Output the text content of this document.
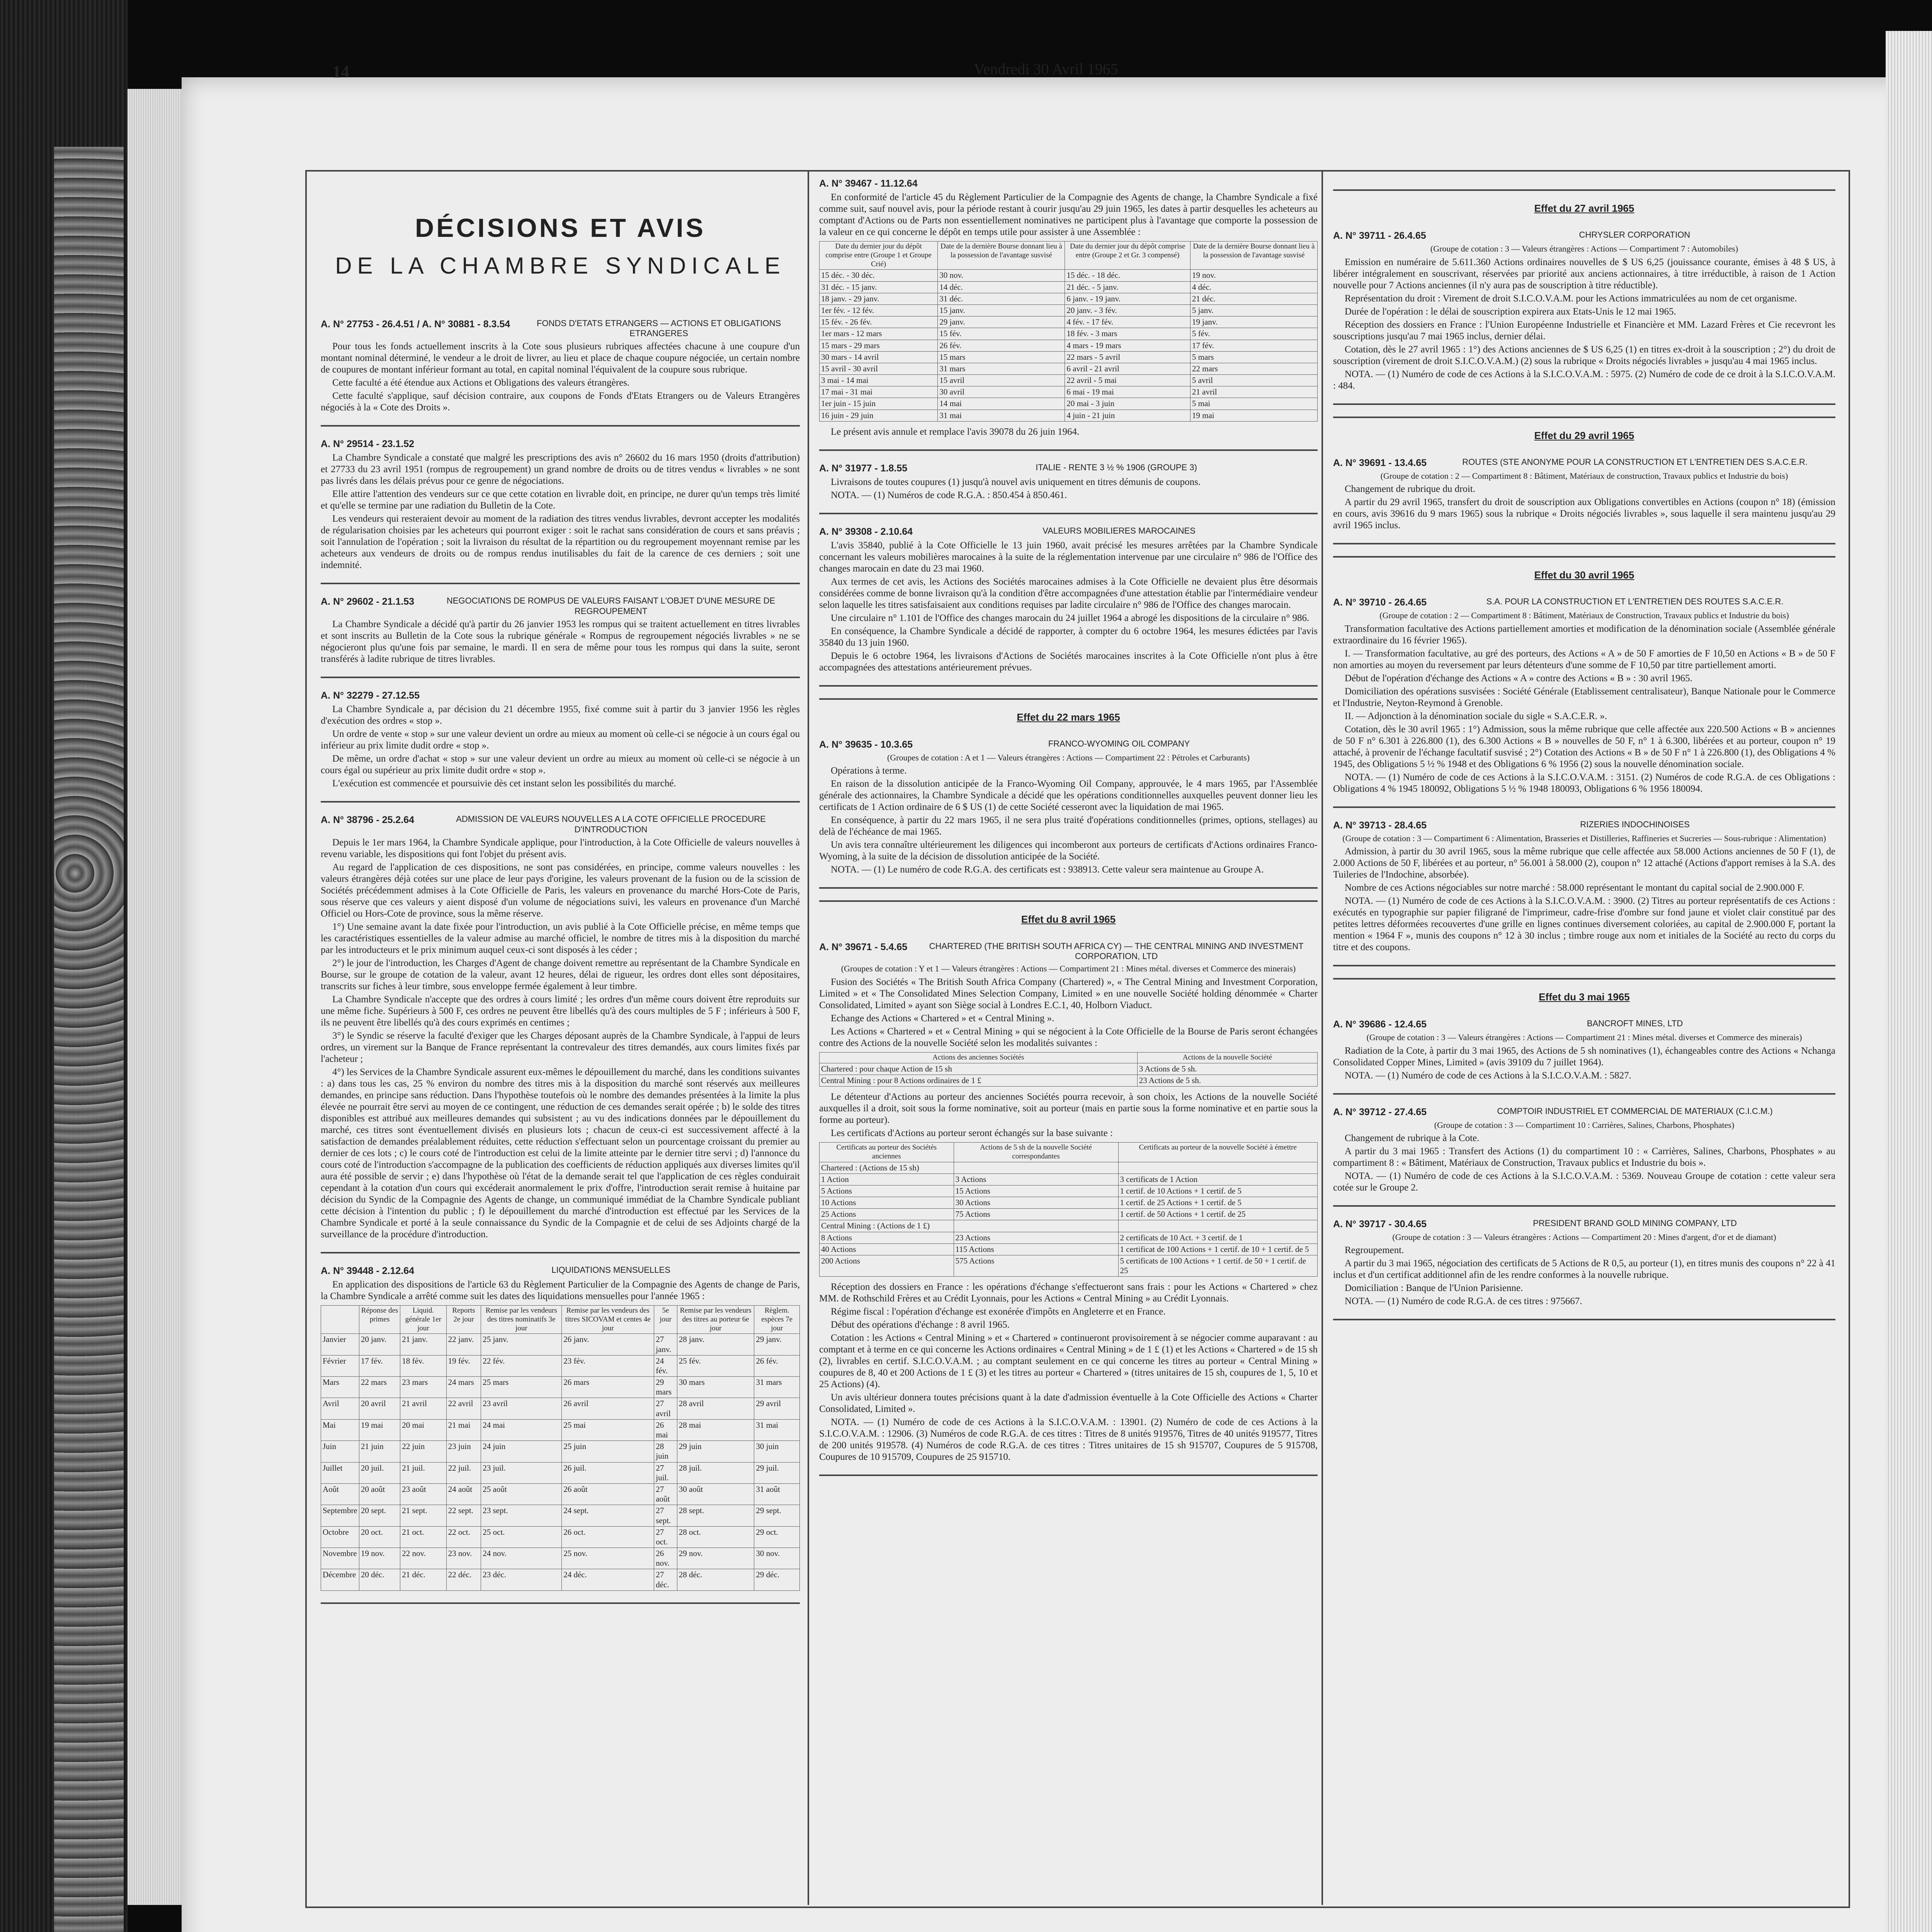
14	Vendredi 30 Avril 1965
DÉCISIONS ET AVIS
DE LA CHAMBRE SYNDICALE
A. N° 27753 - 26.4.51 / A. N° 30881 - 8.3.54	FONDS D'ETATS ETRANGERS — ACTIONS ET OBLIGATIONS ETRANGERES

Pour tous les fonds actuellement inscrits à la Cote sous plusieurs rubriques affectées chacune à une coupure d'un montant nominal déterminé, le vendeur a le droit de livrer, au lieu et place de chaque coupure négociée, un certain nombre de coupures de montant inférieur formant au total, en capital nominal l'équivalent de la coupure sous rubrique.

Cette faculté a été étendue aux Actions et Obligations des valeurs étrangères.

Cette faculté s'applique, sauf décision contraire, aux coupons de Fonds d'Etats Etrangers ou de Valeurs Etrangères négociés à la « Cote des Droits ».

A. N° 29514 - 23.1.52

La Chambre Syndicale a constaté que malgré les prescriptions des avis n° 26602 du 16 mars 1950 (droits d'attribution) et 27733 du 23 avril 1951 (rompus de regroupement) un grand nombre de droits ou de titres vendus « livrables » ne sont pas livrés dans les délais prévus pour ce genre de négociations.

Elle attire l'attention des vendeurs sur ce que cette cotation en livrable doit, en principe, ne durer qu'un temps très limité et qu'elle se termine par une radiation du Bulletin de la Cote.

Les vendeurs qui resteraient devoir au moment de la radiation des titres vendus livrables, devront accepter les modalités de régularisation choisies par les acheteurs qui pourront exiger : soit le rachat sans considération de cours et sans préavis ; soit l'annulation de l'opération ; soit la livraison du résultat de la répartition ou du regroupement moyennant remise par les acheteurs aux vendeurs de droits ou de rompus rendus inutilisables du fait de la carence de ces derniers ; soit une indemnité.

A. N° 29602 - 21.1.53	NEGOCIATIONS DE ROMPUS DE VALEURS FAISANT L'OBJET D'UNE MESURE DE REGROUPEMENT

La Chambre Syndicale a décidé qu'à partir du 26 janvier 1953 les rompus qui se traitent actuellement en titres livrables et sont inscrits au Bulletin de la Cote sous la rubrique générale « Rompus de regroupement négociés livrables » ne se négocieront plus qu'une fois par semaine, le mardi. Il en sera de même pour tous les rompus qui dans la suite, seront transférés à ladite rubrique de titres livrables.

A. N° 32279 - 27.12.55

La Chambre Syndicale a, par décision du 21 décembre 1955, fixé comme suit à partir du 3 janvier 1956 les règles d'exécution des ordres « stop ».

Un ordre de vente « stop » sur une valeur devient un ordre au mieux au moment où celle-ci se négocie à un cours égal ou inférieur au prix limite dudit ordre « stop ».

De même, un ordre d'achat « stop » sur une valeur devient un ordre au mieux au moment où celle-ci se négocie à un cours égal ou supérieur au prix limite dudit ordre « stop ».

L'exécution est commencée et poursuivie dès cet instant selon les possibilités du marché.

A. N° 38796 - 25.2.64	ADMISSION DE VALEURS NOUVELLES A LA COTE OFFICIELLE PROCEDURE D'INTRODUCTION

Depuis le 1er mars 1964, la Chambre Syndicale applique, pour l'introduction, à la Cote Officielle de valeurs nouvelles à revenu variable, les dispositions qui font l'objet du présent avis.

Au regard de l'application de ces dispositions, ne sont pas considérées, en principe, comme valeurs nouvelles : les valeurs étrangères déjà cotées sur une place de leur pays d'origine, les valeurs provenant de la fusion ou de la scission de Sociétés précédemment admises à la Cote Officielle de Paris, les valeurs en provenance du marché Hors-Cote de Paris, sous réserve que ces valeurs y aient disposé d'un volume de négociations suivi, les valeurs en provenance d'un Marché Officiel ou Hors-Cote de province, sous la même réserve.

1°) Une semaine avant la date fixée pour l'introduction, un avis publié à la Cote Officielle précise, en même temps que les caractéristiques essentielles de la valeur admise au marché officiel, le nombre de titres mis à la disposition du marché par les introducteurs et le prix minimum auquel ceux-ci sont disposés à les céder ;

2°) le jour de l'introduction, les Charges d'Agent de change doivent remettre au représentant de la Chambre Syndicale en Bourse, sur le groupe de cotation de la valeur, avant 12 heures, délai de rigueur, les ordres dont elles sont dépositaires, transcrits sur fiches à leur timbre, sous enveloppe fermée également à leur timbre.

La Chambre Syndicale n'accepte que des ordres à cours limité ; les ordres d'un même cours doivent être reproduits sur une même fiche. Supérieurs à 500 F, ces ordres ne peuvent être libellés qu'à des cours multiples de 5 F ; inférieurs à 500 F, ils ne peuvent être libellés qu'à des cours exprimés en centimes ;

3°) le Syndic se réserve la faculté d'exiger que les Charges déposant auprès de la Chambre Syndicale, à l'appui de leurs ordres, un virement sur la Banque de France représentant la contrevaleur des titres demandés, aux cours limites fixés par l'acheteur ;

4°) les Services de la Chambre Syndicale assurent eux-mêmes le dépouillement du marché, dans les conditions suivantes : a) dans tous les cas, 25 % environ du nombre des titres mis à la disposition du marché sont réservés aux meilleures demandes, en principe sans réduction. Dans l'hypothèse toutefois où le nombre des demandes présentées à la limite la plus élevée ne pourrait être servi au moyen de ce contingent, une réduction de ces demandes serait opérée ; b) le solde des titres disponibles est attribué aux meilleures demandes qui subsistent ; au vu des indications données par le dépouillement du marché, ces titres sont éventuellement divisés en plusieurs lots ; chacun de ceux-ci est successivement affecté à la satisfaction de demandes préalablement réduites, cette réduction s'effectuant selon un pourcentage croissant du premier au dernier de ces lots ; c) le cours coté de l'introduction est celui de la limite atteinte par le dernier titre servi ; d) l'annonce du cours coté de l'introduction s'accompagne de la publication des coefficients de réduction appliqués aux diverses limites qu'il aura été possible de servir ; e) dans l'hypothèse où l'état de la demande serait tel que l'application de ces règles conduirait cependant à la cotation d'un cours qui excéderait anormalement le prix d'offre, l'introduction serait remise à huitaine par décision du Syndic de la Compagnie des Agents de change, un communiqué immédiat de la Chambre Syndicale publiant cette décision à l'intention du public ; f) le dépouillement du marché d'introduction est effectué par les Services de la Chambre Syndicale et porté à la seule connaissance du Syndic de la Compagnie et de celui de ses Adjoints chargé de la surveillance de la procédure d'introduction.

A. N° 39448 - 2.12.64	LIQUIDATIONS MENSUELLES

En application des dispositions de l'article 63 du Règlement Particulier de la Compagnie des Agents de change de Paris, la Chambre Syndicale a arrêté comme suit les dates des liquidations mensuelles pour l'année 1965 :

	Réponse des primes	Liquid. générale 1er jour	Reports 2e jour	Remise par les vendeurs des titres nominatifs 3e jour	Remise par les vendeurs des titres SICOVAM et centes 4e jour	5e jour	Remise par les vendeurs des titres au porteur 6e jour	Règlem. espèces 7e jour
Janvier	20 janv.	21 janv.	22 janv.	25 janv.	26 janv.	27 janv.	28 janv.	29 janv.
Février	17 fév.	18 fév.	19 fév.	22 fév.	23 fév.	24 fév.	25 fév.	26 fév.
Mars	22 mars	23 mars	24 mars	25 mars	26 mars	29 mars	30 mars	31 mars
Avril	20 avril	21 avril	22 avril	23 avril	26 avril	27 avril	28 avril	29 avril
Mai	19 mai	20 mai	21 mai	24 mai	25 mai	26 mai	28 mai	31 mai
Juin	21 juin	22 juin	23 juin	24 juin	25 juin	28 juin	29 juin	30 juin
Juillet	20 juil.	21 juil.	22 juil.	23 juil.	26 juil.	27 juil.	28 juil.	29 juil.
Août	20 août	23 août	24 août	25 août	26 août	27 août	30 août	31 août
Septembre	20 sept.	21 sept.	22 sept.	23 sept.	24 sept.	27 sept.	28 sept.	29 sept.
Octobre	20 oct.	21 oct.	22 oct.	25 oct.	26 oct.	27 oct.	28 oct.	29 oct.
Novembre	19 nov.	22 nov.	23 nov.	24 nov.	25 nov.	26 nov.	29 nov.	30 nov.
Décembre	20 déc.	21 déc.	22 déc.	23 déc.	24 déc.	27 déc.	28 déc.	29 déc.
A. N° 39467 - 11.12.64

En conformité de l'article 45 du Règlement Particulier de la Compagnie des Agents de change, la Chambre Syndicale a fixé comme suit, sauf nouvel avis, pour la période restant à courir jusqu'au 29 juin 1965, les dates à partir desquelles les acheteurs au comptant d'Actions ou de Parts non essentiellement nominatives ne participent plus à l'avantage que comporte la possession de la valeur en ce qui concerne le dépôt en temps utile pour assister à une Assemblée :

Date du dernier jour du dépôt comprise entre (Groupe 1 et Groupe Crié)	Date de la dernière Bourse donnant lieu à la possession de l'avantage susvisé	Date du dernier jour du dépôt comprise entre (Groupe 2 et Gr. 3 compensé)	Date de la dernière Bourse donnant lieu à la possession de l'avantage susvisé
15 déc. - 30 déc.	30 nov.	15 déc. - 18 déc.	19 nov.
31 déc. - 15 janv.	14 déc.	21 déc. - 5 janv.	4 déc.
18 janv. - 29 janv.	31 déc.	6 janv. - 19 janv.	21 déc.
1er fév. - 12 fév.	15 janv.	20 janv. - 3 fév.	5 janv.
15 fév. - 26 fév.	29 janv.	4 fév. - 17 fév.	19 janv.
1er mars - 12 mars	15 fév.	18 fév. - 3 mars	5 fév.
15 mars - 29 mars	26 fév.	4 mars - 19 mars	17 fév.
30 mars - 14 avril	15 mars	22 mars - 5 avril	5 mars
15 avril - 30 avril	31 mars	6 avril - 21 avril	22 mars
3 mai - 14 mai	15 avril	22 avril - 5 mai	5 avril
17 mai - 31 mai	30 avril	6 mai - 19 mai	21 avril
1er juin - 15 juin	14 mai	20 mai - 3 juin	5 mai
16 juin - 29 juin	31 mai	4 juin - 21 juin	19 mai

Le présent avis annule et remplace l'avis 39078 du 26 juin 1964.

A. N° 31977 - 1.8.55	ITALIE - RENTE 3 ½ % 1906 (GROUPE 3)

Livraisons de toutes coupures (1) jusqu'à nouvel avis uniquement en titres démunis de coupons.

NOTA. — (1) Numéros de code R.G.A. : 850.454 à 850.461.

A. N° 39308 - 2.10.64	VALEURS MOBILIERES MAROCAINES

L'avis 35840, publié à la Cote Officielle le 13 juin 1960, avait précisé les mesures arrêtées par la Chambre Syndicale concernant les valeurs mobilières marocaines à la suite de la réglementation intervenue par une circulaire n° 986 de l'Office des changes marocain en date du 23 mai 1960.

Aux termes de cet avis, les Actions des Sociétés marocaines admises à la Cote Officielle ne devaient plus être désormais considérées comme de bonne livraison qu'à la condition d'être accompagnées d'une attestation établie par l'intermédiaire vendeur selon laquelle les titres satisfaisaient aux conditions requises par ladite circulaire n° 986 de l'Office des changes marocain.

Une circulaire n° 1.101 de l'Office des changes marocain du 24 juillet 1964 a abrogé les dispositions de la circulaire n° 986.

En conséquence, la Chambre Syndicale a décidé de rapporter, à compter du 6 octobre 1964, les mesures édictées par l'avis 35840 du 13 juin 1960.

Depuis le 6 octobre 1964, les livraisons d'Actions de Sociétés marocaines inscrites à la Cote Officielle n'ont plus à être accompagnées des attestations antérieurement prévues.

Effet du 22 mars 1965
A. N° 39635 - 10.3.65	FRANCO-WYOMING OIL COMPANY
(Groupes de cotation : A et 1 — Valeurs étrangères : Actions — Compartiment 22 : Pétroles et Carburants)

Opérations à terme.

En raison de la dissolution anticipée de la Franco-Wyoming Oil Company, approuvée, le 4 mars 1965, par l'Assemblée générale des actionnaires, la Chambre Syndicale a décidé que les opérations conditionnelles auxquelles peuvent donner lieu les certificats de 1 Action ordinaire de 6 $ US (1) de cette Société cesseront avec la liquidation de mai 1965.

En conséquence, à partir du 22 mars 1965, il ne sera plus traité d'opérations conditionnelles (primes, options, stellages) au delà de l'échéance de mai 1965.

Un avis tera connaître ultérieurement les diligences qui incomberont aux porteurs de certificats d'Actions ordinaires Franco-Wyoming, à la suite de la décision de dissolution anticipée de la Société.

NOTA. — (1) Le numéro de code R.G.A. des certificats est : 938913. Cette valeur sera maintenue au Groupe A.

Effet du 8 avril 1965
A. N° 39671 - 5.4.65	CHARTERED (THE BRITISH SOUTH AFRICA CY) — THE CENTRAL MINING AND INVESTMENT CORPORATION, LTD
(Groupes de cotation : Y et 1 — Valeurs étrangères : Actions — Compartiment 21 : Mines métal. diverses et Commerce des minerais)

Fusion des Sociétés « The British South Africa Company (Chartered) », « The Central Mining and Investment Corporation, Limited » et « The Consolidated Mines Selection Company, Limited » en une nouvelle Société holding dénommée « Charter Consolidated, Limited » ayant son Siège social à Londres E.C.1, 40, Holborn Viaduct.

Echange des Actions « Chartered » et « Central Mining ».

Les Actions « Chartered » et « Central Mining » qui se négocient à la Cote Officielle de la Bourse de Paris seront échangées contre des Actions de la nouvelle Société selon les modalités suivantes :

Actions des anciennes Sociétés	Actions de la nouvelle Société
Chartered : pour chaque Action de 15 sh	3 Actions de 5 sh.
Central Mining : pour 8 Actions ordinaires de 1 £	23 Actions de 5 sh.

Le détenteur d'Actions au porteur des anciennes Sociétés pourra recevoir, à son choix, les Actions de la nouvelle Société auxquelles il a droit, soit sous la forme nominative, soit au porteur (mais en partie sous la forme nominative et en partie sous la forme au porteur).

Les certificats d'Actions au porteur seront échangés sur la base suivante :

Certificats au porteur des Sociétés anciennes	Actions de 5 sh de la nouvelle Société correspondantes	Certificats au porteur de la nouvelle Société à émettre
Chartered : (Actions de 15 sh)		
1 Action	3 Actions	3 certificats de 1 Action
5 Actions	15 Actions	1 certif. de 10 Actions + 1 certif. de 5
10 Actions	30 Actions	1 certif. de 25 Actions + 1 certif. de 5
25 Actions	75 Actions	1 certif. de 50 Actions + 1 certif. de 25
Central Mining : (Actions de 1 £)		
8 Actions	23 Actions	2 certificats de 10 Act. + 3 certif. de 1
40 Actions	115 Actions	1 certificat de 100 Actions + 1 certif. de 10 + 1 certif. de 5
200 Actions	575 Actions	5 certificats de 100 Actions + 1 certif. de 50 + 1 certif. de 25

Réception des dossiers en France : les opérations d'échange s'effectueront sans frais : pour les Actions « Chartered » chez MM. de Rothschild Frères et au Crédit Lyonnais, pour les Actions « Central Mining » au Crédit Lyonnais.

Régime fiscal : l'opération d'échange est exonérée d'impôts en Angleterre et en France.

Début des opérations d'échange : 8 avril 1965.

Cotation : les Actions « Central Mining » et « Chartered » continueront provisoirement à se négocier comme auparavant : au comptant et à terme en ce qui concerne les Actions ordinaires « Central Mining » de 1 £ (1) et les Actions « Chartered » de 15 sh (2), livrables en certif. S.I.C.O.V.A.M. ; au comptant seulement en ce qui concerne les titres au porteur « Central Mining » coupures de 8, 40 et 200 Actions de 1 £ (3) et les titres au porteur « Chartered » (titres unitaires de 15 sh, coupures de 1, 5, 10 et 25 Actions) (4).

Un avis ultérieur donnera toutes précisions quant à la date d'admission éventuelle à la Cote Officielle des Actions « Charter Consolidated, Limited ».

NOTA. — (1) Numéro de code de ces Actions à la S.I.C.O.V.A.M. : 13901. (2) Numéro de code de ces Actions à la S.I.C.O.V.A.M. : 12906. (3) Numéros de code R.G.A. de ces titres : Titres de 8 unités 919576, Titres de 40 unités 919577, Titres de 200 unités 919578. (4) Numéros de code R.G.A. de ces titres : Titres unitaires de 15 sh 915707, Coupures de 5 915708, Coupures de 10 915709, Coupures de 25 915710.

Effet du 27 avril 1965
A. N° 39711 - 26.4.65	CHRYSLER CORPORATION
(Groupe de cotation : 3 — Valeurs étrangères : Actions — Compartiment 7 : Automobiles)

Emission en numéraire de 5.611.360 Actions ordinaires nouvelles de $ US 6,25 (jouissance courante, émises à 48 $ US, à libérer intégralement en souscrivant, réservées par priorité aux anciens actionnaires, à titre irréductible, à raison de 1 Action nouvelle pour 7 Actions anciennes (il n'y aura pas de souscription à titre réductible).

Représentation du droit : Virement de droit S.I.C.O.V.A.M. pour les Actions immatriculées au nom de cet organisme.

Durée de l'opération : le délai de souscription expirera aux Etats-Unis le 12 mai 1965.

Réception des dossiers en France : l'Union Européenne Industrielle et Financière et MM. Lazard Frères et Cie recevront les souscriptions jusqu'au 7 mai 1965 inclus, dernier délai.

Cotation, dès le 27 avril 1965 : 1°) des Actions anciennes de $ US 6,25 (1) en titres ex-droit à la souscription ; 2°) du droit de souscription (virement de droit S.I.C.O.V.A.M.) (2) sous la rubrique « Droits négociés livrables » jusqu'au 4 mai 1965 inclus.

NOTA. — (1) Numéro de code de ces Actions à la S.I.C.O.V.A.M. : 5975. (2) Numéro de code de ce droit à la S.I.C.O.V.A.M. : 484.

Effet du 29 avril 1965
A. N° 39691 - 13.4.65	ROUTES (STE ANONYME POUR LA CONSTRUCTION ET L'ENTRETIEN DES S.A.C.E.R.
(Groupe de cotation : 2 — Compartiment 8 : Bâtiment, Matériaux de construction, Travaux publics et Industrie du bois)

Changement de rubrique du droit.

A partir du 29 avril 1965, transfert du droit de souscription aux Obligations convertibles en Actions (coupon n° 18) (émission en cours, avis 39616 du 9 mars 1965) sous la rubrique « Droits négociés livrables », sous laquelle il sera maintenu jusqu'au 29 avril 1965 inclus.

Effet du 30 avril 1965
A. N° 39710 - 26.4.65	S.A. POUR LA CONSTRUCTION ET L'ENTRETIEN DES ROUTES S.A.C.E.R.
(Groupe de cotation : 2 — Compartiment 8 : Bâtiment, Matériaux de Construction, Travaux publics et Industrie du bois)

Transformation facultative des Actions partiellement amorties et modification de la dénomination sociale (Assemblée générale extraordinaire du 16 février 1965).

I. — Transformation facultative, au gré des porteurs, des Actions « A » de 50 F amorties de F 10,50 en Actions « B » de 50 F non amorties au moyen du reversement par leurs détenteurs d'une somme de F 10,50 par titre partiellement amorti.

Début de l'opération d'échange des Actions « A » contre des Actions « B » : 30 avril 1965.

Domiciliation des opérations susvisées : Société Générale (Etablissement centralisateur), Banque Nationale pour le Commerce et l'Industrie, Neyton-Reymond à Grenoble.

II. — Adjonction à la dénomination sociale du sigle « S.A.C.E.R. ».

Cotation, dès le 30 avril 1965 : 1°) Admission, sous la même rubrique que celle affectée aux 220.500 Actions « B » anciennes de 50 F n° 6.301 à 226.800 (1), des 6.300 Actions « B » nouvelles de 50 F, n° 1 à 6.300, libérées et au porteur, coupon n° 19 attaché, à provenir de l'échange facultatif susvisé ; 2°) Cotation des Actions « B » de 50 F n° 1 à 226.800 (1), des Obligations 4 % 1945, des Obligations 5 ½ % 1948 et des Obligations 6 % 1956 (2) sous la nouvelle dénomination sociale.

NOTA. — (1) Numéro de code de ces Actions à la S.I.C.O.V.A.M. : 3151. (2) Numéros de code R.G.A. de ces Obligations : Obligations 4 % 1945 180092, Obligations 5 ½ % 1948 180093, Obligations 6 % 1956 180094.

A. N° 39713 - 28.4.65	RIZERIES INDOCHINOISES
(Groupe de cotation : 3 — Compartiment 6 : Alimentation, Brasseries et Distilleries, Raffineries et Sucreries — Sous-rubrique : Alimentation)

Admission, à partir du 30 avril 1965, sous la même rubrique que celle affectée aux 58.000 Actions anciennes de 50 F (1), de 2.000 Actions de 50 F, libérées et au porteur, n° 56.001 à 58.000 (2), coupon n° 12 attaché (Actions d'apport remises à la S.A. des Tuileries de l'Indochine, absorbée).

Nombre de ces Actions négociables sur notre marché : 58.000 représentant le montant du capital social de 2.900.000 F.

NOTA. — (1) Numéro de code de ces Actions à la S.I.C.O.V.A.M. : 3900. (2) Titres au porteur représentatifs de ces Actions : exécutés en typographie sur papier filigrané de l'imprimeur, cadre-frise d'ombre sur fond jaune et violet clair constitué par des petites lettres déformées recouvertes d'une grille en lignes continues diversement coloriées, au capital de 2.900.000 F, portant la mention « 1964 F », munis des coupons n° 12 à 30 inclus ; timbre rouge aux nom et initiales de la Société au recto du corps du titre et des coupons.

Effet du 3 mai 1965
A. N° 39686 - 12.4.65	BANCROFT MINES, LTD
(Groupe de cotation : 3 — Valeurs étrangères : Actions — Compartiment 21 : Mines métal. diverses et Commerce des minerais)

Radiation de la Cote, à partir du 3 mai 1965, des Actions de 5 sh nominatives (1), échangeables contre des Actions « Nchanga Consolidated Copper Mines, Limited » (avis 39109 du 7 juillet 1964).

NOTA. — (1) Numéro de code de ces Actions à la S.I.C.O.V.A.M. : 5827.

A. N° 39712 - 27.4.65	COMPTOIR INDUSTRIEL ET COMMERCIAL DE MATERIAUX (C.I.C.M.)
(Groupe de cotation : 3 — Compartiment 10 : Carrières, Salines, Charbons, Phosphates)

Changement de rubrique à la Cote.

A partir du 3 mai 1965 : Transfert des Actions (1) du compartiment 10 : « Carrières, Salines, Charbons, Phosphates » au compartiment 8 : « Bâtiment, Matériaux de Construction, Travaux publics et Industrie du bois ».

NOTA. — (1) Numéro de code de ces Actions à la S.I.C.O.V.A.M. : 5369. Nouveau Groupe de cotation : cette valeur sera cotée sur le Groupe 2.

A. N° 39717 - 30.4.65	PRESIDENT BRAND GOLD MINING COMPANY, LTD
(Groupe de cotation : 3 — Valeurs étrangères : Actions — Compartiment 20 : Mines d'argent, d'or et de diamant)

Regroupement.

A partir du 3 mai 1965, négociation des certificats de 5 Actions de R 0,5, au porteur (1), en titres munis des coupons n° 22 à 41 inclus et d'un certificat additionnel afin de les rendre conformes à la nouvelle rubrique.

Domiciliation : Banque de l'Union Parisienne.

NOTA. — (1) Numéro de code R.G.A. de ces titres : 975667.
